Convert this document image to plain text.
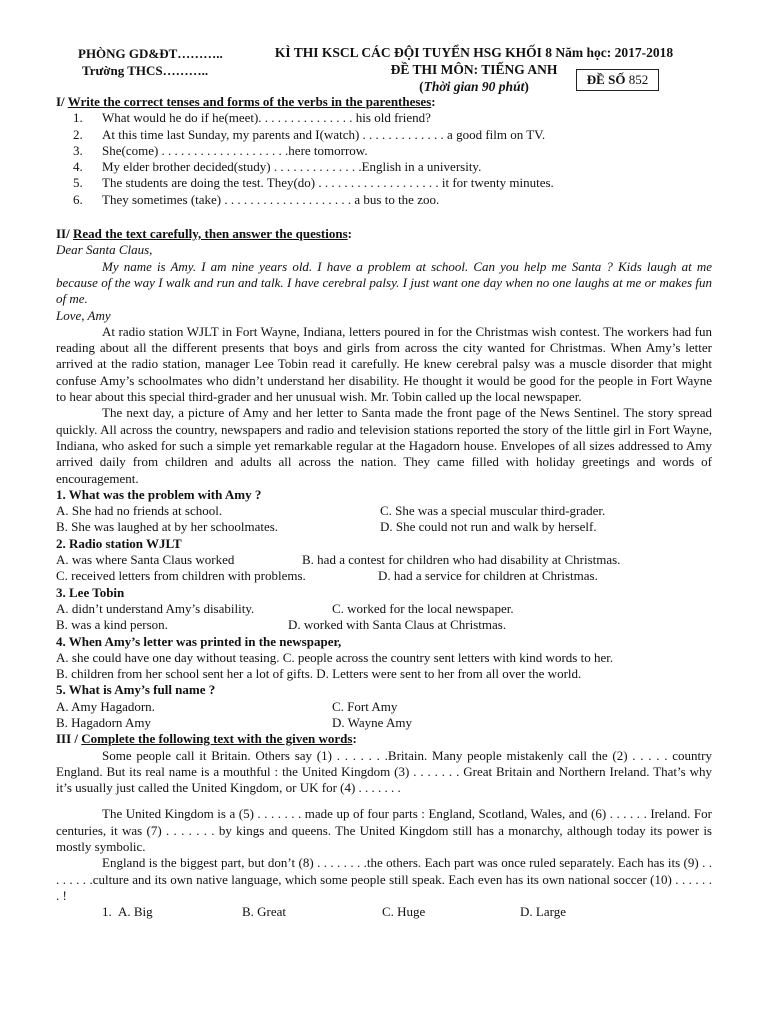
PHÒNG GD&ĐT………..
Trường THCS………..
KÌ THI KSCL CÁC ĐỘI TUYỂN HSG KHỐI 8 Năm học: 2017-2018
ĐỀ THI MÔN: TIẾNG ANH
(Thời gian 90 phút)	ĐỀ SỐ 852
I/ Write the correct tenses and forms of the verbs in the parentheses:
1.	What would he do if he(meet). . . . . . . . . . . . . . . his old friend?
2.	At this time last Sunday, my parents and I(watch) . . . . . . . . . . . . . a good film on TV.
3.	She(come) . . . . . . . . . . . . . . . . . . . .here tomorrow.
4.	My elder brother decided(study) . . . . . . . . . . . . . .English in a university.
5.	The students are doing the test. They(do) . . . . . . . . . . . . . . . . . . . it for twenty minutes.
6.	They sometimes (take) . . . . . . . . . . . . . . . . . . . . a bus to the zoo.
II/ Read the text carefully, then answer the questions:
Dear Santa Claus,
My name is Amy. I am nine years old. I have a problem at school. Can you help me Santa ? Kids laugh at me because of the way I walk and run and talk. I have cerebral palsy. I just want one day when no one laughs at me or makes fun of me.
Love, Amy
At radio station WJLT in Fort Wayne, Indiana, letters poured in for the Christmas wish contest. The workers had fun reading about all the different presents that boys and girls from across the city wanted for Christmas. When Amy’s letter arrived at the radio station, manager Lee Tobin read it carefully. He knew cerebral palsy was a muscle disorder that might confuse Amy’s schoolmates who didn’t understand her disability. He thought it would be good for the people in Fort Wayne to hear about this special third-grader and her unusual wish. Mr. Tobin called up the local newspaper.
The next day, a picture of Amy and her letter to Santa made the front page of the News Sentinel. The story spread quickly. All across the country, newspapers and radio and television stations reported the story of the little girl in Fort Wayne, Indiana, who asked for such a simple yet remarkable regular at the Hagadorn house. Envelopes of all sizes addressed to Amy arrived daily from children and adults all across the nation. They came filled with holiday greetings and words of encouragement.
1. What was the problem with Amy ?
A. She had no friends at school.	C. She was a special muscular third-grader.
B. She was laughed at by her schoolmates.	D. She could not run and walk by herself.
2. Radio station WJLT
A. was where Santa Claus worked	B. had a contest for children who had disability at Christmas.
C. received letters from children with problems.	D. had a service for children at Christmas.
3. Lee Tobin
A. didn’t understand Amy’s disability.	C. worked for the local newspaper.
B. was a kind person.	D. worked with Santa Claus at Christmas.
4. When Amy’s letter was printed in the newspaper,
A. she could have one day without teasing. C. people across the country sent letters with kind words to her.
B. children from her school sent her a lot of gifts. D. Letters were sent to her from all over the world.
5. What is Amy’s full name ?
A. Amy Hagadorn.	C. Fort Amy
B. Hagadorn Amy	D. Wayne Amy
III / Complete the following text with the given words:
Some people call it Britain. Others say (1) . . . . . . .Britain. Many people mistakenly call the (2) . . . . . country England. But its real name is a mouthful : the United Kingdom (3) . . . . . . . Great Britain and Northern Ireland. That’s why it’s usually just called the United Kingdom, or UK for (4) . . . . . . .
The United Kingdom is a (5) . . . . . . . made up of four parts : England, Scotland, Wales, and (6) . . . . . . Ireland. For centuries, it was (7) . . . . . . . by kings and queens. The United Kingdom still has a monarchy, although today its power is mostly symbolic.
England is the biggest part, but don’t (8) . . . . . . . .the others. Each part was once ruled separately. Each has its (9) . . . . . . . .culture and its own native language, which some people still speak. Each even has its own national soccer (10) . . . . . . . !
1. A. Big	B. Great	C. Huge	D. Large
